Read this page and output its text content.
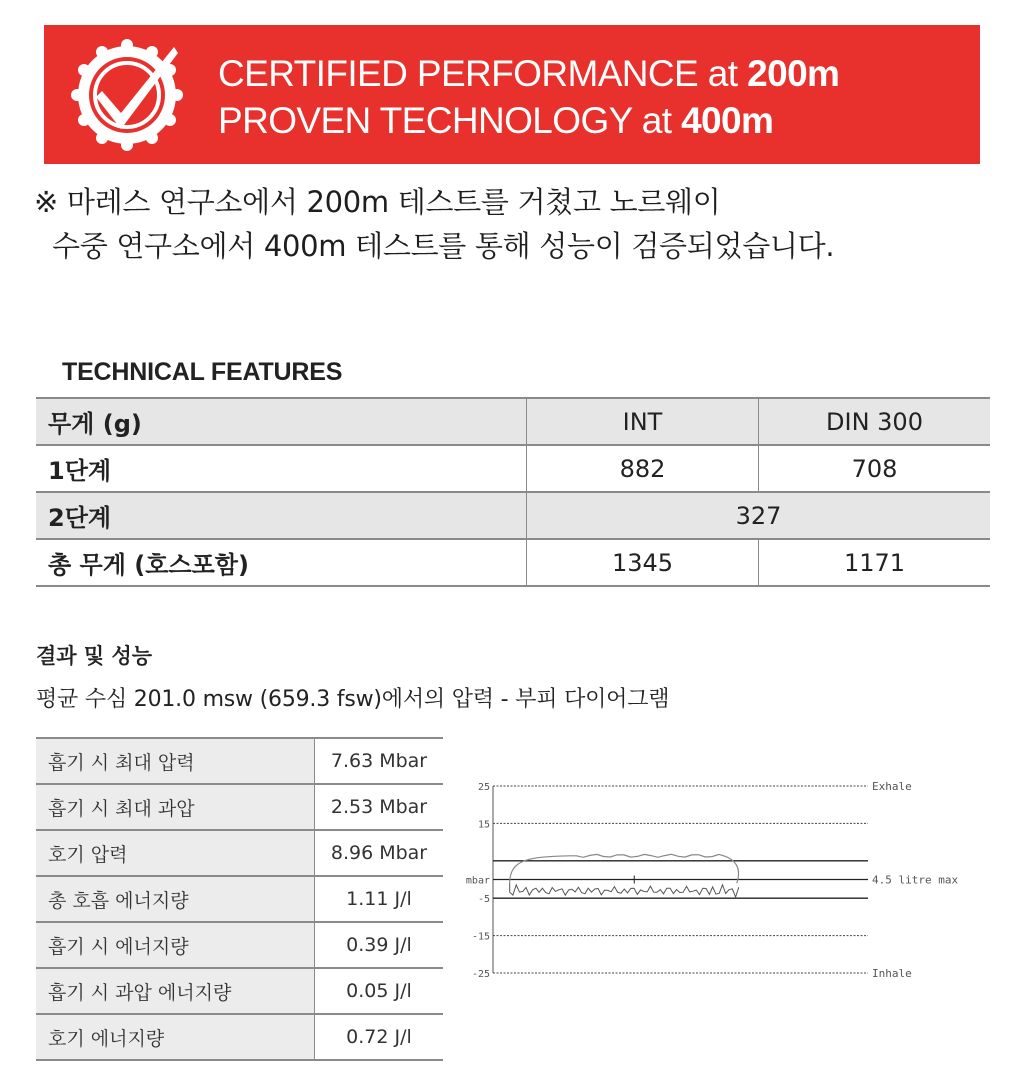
CERTIFIED PERFORMANCE at 200m
PROVEN TECHNOLOGY at 400m
※ 마레스 연구소에서 200m 테스트를 거쳤고 노르웨이
수중 연구소에서 400m 테스트를 통해 성능이 검증되었습니다.
TECHNICAL FEATURES
무게 (g)	INT	DIN 300
1단계	882	708
2단계	327	
총 무게 (호스포함)	1345	1171
결과 및 성능
평균 수심 201.0 msw (659.3 fsw)에서의 압력 - 부피 다이어그램
흡기 시 최대 압력	7.63 Mbar
흡기 시 최대 과압	2.53 Mbar
호기 압력	8.96 Mbar
총 호흡 에너지량	1.11 J/l
흡기 시 에너지량	0.39 J/l
흡기 시 과압 에너지량	0.05 J/l
호기 에너지량	0.72 J/l
25
15
mbar
-5
-15
-25
Exhale
4.5 litre max
Inhale
